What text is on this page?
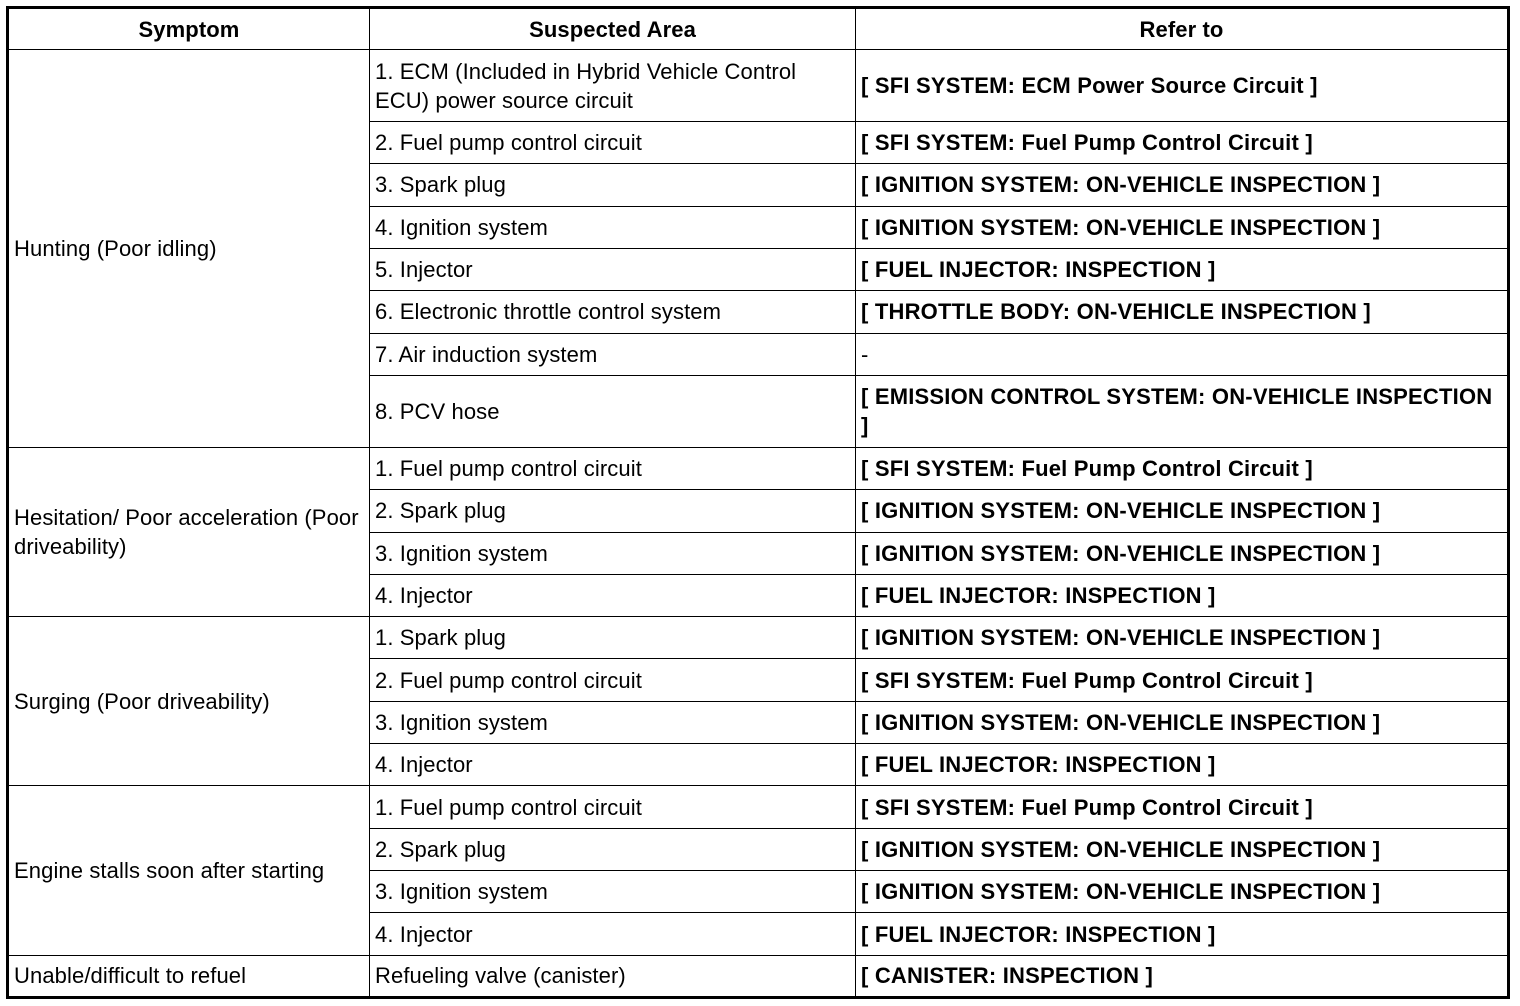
Symptom	Suspected Area	Refer to
Hunting (Poor idling)	1. ECM (Included in Hybrid Vehicle Control ECU) power source circuit	[ SFI SYSTEM: ECM Power Source Circuit ]
	2. Fuel pump control circuit	[ SFI SYSTEM: Fuel Pump Control Circuit ]
	3. Spark plug	[ IGNITION SYSTEM: ON-VEHICLE INSPECTION ]
	4. Ignition system	[ IGNITION SYSTEM: ON-VEHICLE INSPECTION ]
	5. Injector	[ FUEL INJECTOR: INSPECTION ]
	6. Electronic throttle control system	[ THROTTLE BODY: ON-VEHICLE INSPECTION ]
	7. Air induction system	-
	8. PCV hose	[ EMISSION CONTROL SYSTEM: ON-VEHICLE INSPECTION ]
Hesitation/ Poor acceleration (Poor driveability)	1. Fuel pump control circuit	[ SFI SYSTEM: Fuel Pump Control Circuit ]
	2. Spark plug	[ IGNITION SYSTEM: ON-VEHICLE INSPECTION ]
	3. Ignition system	[ IGNITION SYSTEM: ON-VEHICLE INSPECTION ]
	4. Injector	[ FUEL INJECTOR: INSPECTION ]
Surging (Poor driveability)	1. Spark plug	[ IGNITION SYSTEM: ON-VEHICLE INSPECTION ]
	2. Fuel pump control circuit	[ SFI SYSTEM: Fuel Pump Control Circuit ]
	3. Ignition system	[ IGNITION SYSTEM: ON-VEHICLE INSPECTION ]
	4. Injector	[ FUEL INJECTOR: INSPECTION ]
Engine stalls soon after starting	1. Fuel pump control circuit	[ SFI SYSTEM: Fuel Pump Control Circuit ]
	2. Spark plug	[ IGNITION SYSTEM: ON-VEHICLE INSPECTION ]
	3. Ignition system	[ IGNITION SYSTEM: ON-VEHICLE INSPECTION ]
	4. Injector	[ FUEL INJECTOR: INSPECTION ]
Unable/difficult to refuel	Refueling valve (canister)	[ CANISTER: INSPECTION ]
